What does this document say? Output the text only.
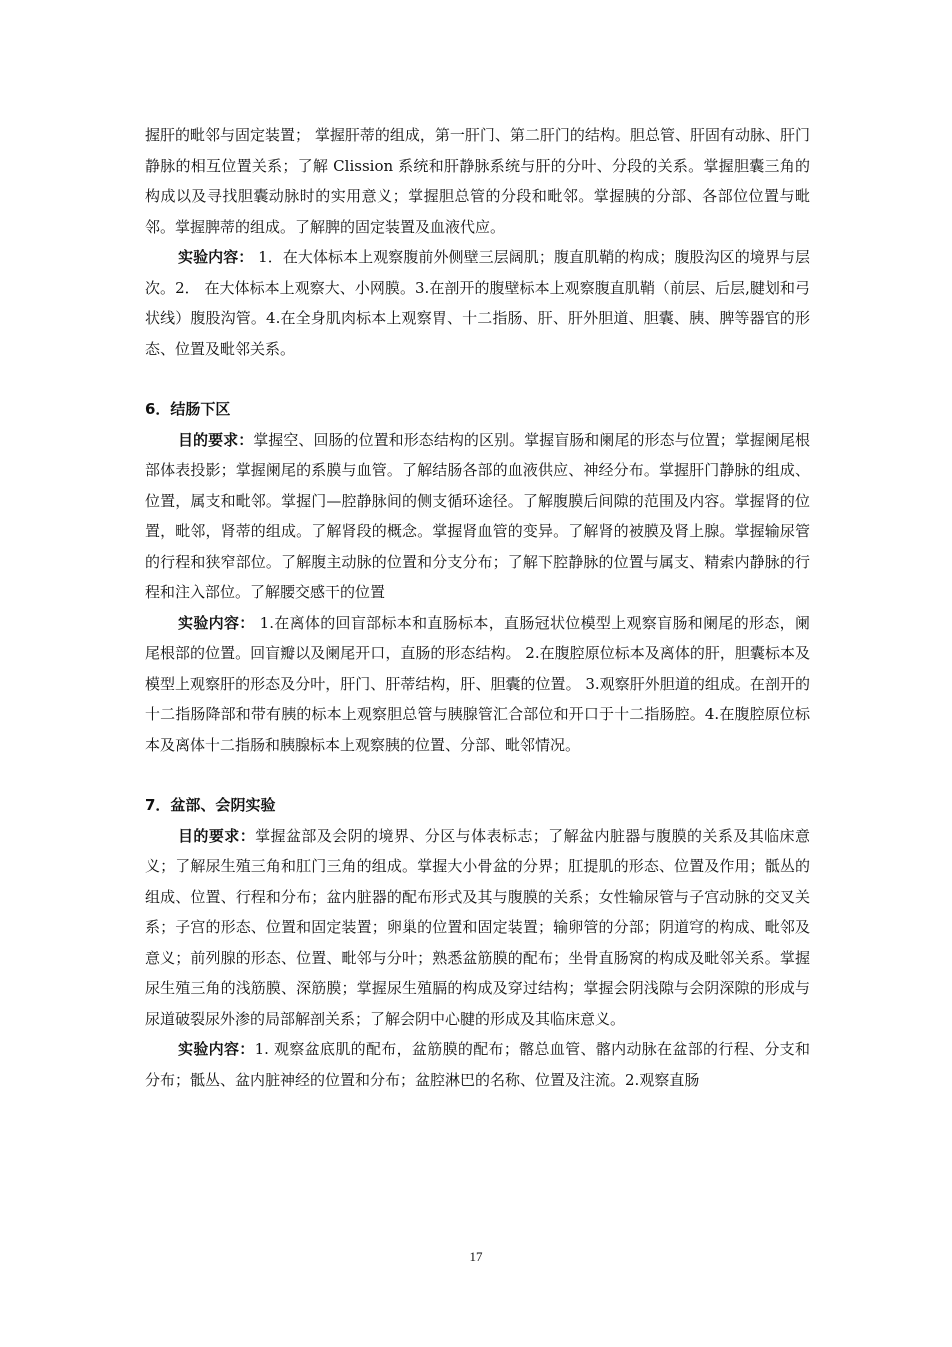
握肝的毗邻与固定装置； 掌握肝蒂的组成，第一肝门、第二肝门的结构。胆总管、肝固有动脉、肝门静脉的相互位置关系；了解 Clission 系统和肝静脉系统与肝的分叶、分段的关系。掌握胆囊三角的构成以及寻找胆囊动脉时的实用意义；掌握胆总管的分段和毗邻。掌握胰的分部、各部位位置与毗邻。掌握脾蒂的组成。了解脾的固定装置及血液代应。

实验内容： 1．在大体标本上观察腹前外侧壁三层阔肌；腹直肌鞘的构成；腹股沟区的境界与层次。2． 在大体标本上观察大、小网膜。3.在剖开的腹壁标本上观察腹直肌鞘（前层、后层,腱划和弓状线）腹股沟管。4.在全身肌肉标本上观察胃、十二指肠、肝、肝外胆道、胆囊、胰、脾等器官的形态、位置及毗邻关系。

6．结肠下区

目的要求：掌握空、回肠的位置和形态结构的区别。掌握盲肠和阑尾的形态与位置；掌握阑尾根部体表投影；掌握阑尾的系膜与血管。了解结肠各部的血液供应、神经分布。掌握肝门静脉的组成、位置，属支和毗邻。掌握门—腔静脉间的侧支循环途径。了解腹膜后间隙的范围及内容。掌握肾的位置，毗邻，肾蒂的组成。了解肾段的概念。掌握肾血管的变异。了解肾的被膜及肾上腺。掌握输尿管的行程和狭窄部位。了解腹主动脉的位置和分支分布；了解下腔静脉的位置与属支、精索内静脉的行程和注入部位。了解腰交感干的位置

实验内容： 1.在离体的回盲部标本和直肠标本，直肠冠状位模型上观察盲肠和阑尾的形态，阑尾根部的位置。回盲瓣以及阑尾开口，直肠的形态结构。 2.在腹腔原位标本及离体的肝，胆囊标本及模型上观察肝的形态及分叶，肝门、肝蒂结构，肝、胆囊的位置。 3.观察肝外胆道的组成。在剖开的十二指肠降部和带有胰的标本上观察胆总管与胰腺管汇合部位和开口于十二指肠腔。4.在腹腔原位标本及离体十二指肠和胰腺标本上观察胰的位置、分部、毗邻情况。

7．盆部、会阴实验

目的要求：掌握盆部及会阴的境界、分区与体表标志；了解盆内脏器与腹膜的关系及其临床意义；了解尿生殖三角和肛门三角的组成。掌握大小骨盆的分界；肛提肌的形态、位置及作用；骶丛的组成、位置、行程和分布；盆内脏器的配布形式及其与腹膜的关系；女性输尿管与子宫动脉的交叉关系；子宫的形态、位置和固定装置；卵巢的位置和固定装置；输卵管的分部；阴道穹的构成、毗邻及意义；前列腺的形态、位置、毗邻与分叶；熟悉盆筋膜的配布；坐骨直肠窝的构成及毗邻关系。掌握尿生殖三角的浅筋膜、深筋膜；掌握尿生殖膈的构成及穿过结构；掌握会阴浅隙与会阴深隙的形成与尿道破裂尿外渗的局部解剖关系；了解会阴中心腱的形成及其临床意义。

实验内容：1. 观察盆底肌的配布，盆筋膜的配布；髂总血管、髂内动脉在盆部的行程、分支和分布；骶丛、盆内脏神经的位置和分布；盆腔淋巴的名称、位置及注流。2.观察直肠

17
